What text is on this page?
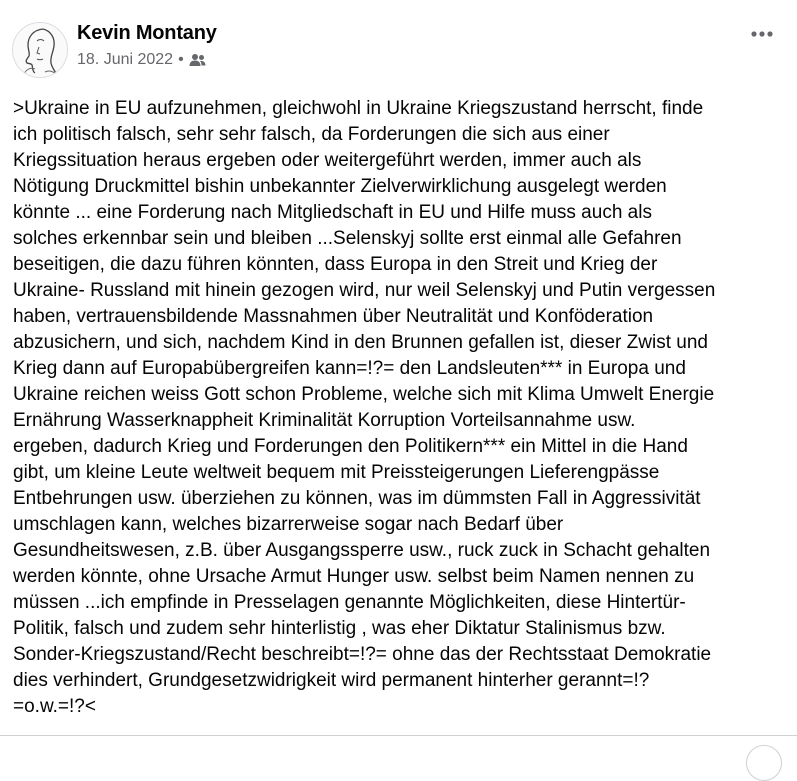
Kevin Montany
18. Juni 2022 •
>Ukraine in EU aufzunehmen, gleichwohl in Ukraine Kriegszustand herrscht, finde
ich politisch falsch, sehr sehr falsch, da Forderungen die sich aus einer
Kriegssituation heraus ergeben oder weitergeführt werden, immer auch als
Nötigung Druckmittel bishin unbekannter Zielverwirklichung ausgelegt werden
könnte ... eine Forderung nach Mitgliedschaft in EU und Hilfe muss auch als
solches erkennbar sein und bleiben ...Selenskyj sollte erst einmal alle Gefahren
beseitigen, die dazu führen könnten, dass Europa in den Streit und Krieg der
Ukraine- Russland mit hinein gezogen wird, nur weil Selenskyj und Putin vergessen
haben, vertrauensbildende Massnahmen über Neutralität und Konföderation
abzusichern, und sich, nachdem Kind in den Brunnen gefallen ist, dieser Zwist und
Krieg dann auf Europabübergreifen kann=!?= den Landsleuten*** in Europa und
Ukraine reichen weiss Gott schon Probleme, welche sich mit Klima Umwelt Energie
Ernährung Wasserknappheit Kriminalität Korruption Vorteilsannahme usw.
ergeben, dadurch Krieg und Forderungen den Politikern*** ein Mittel in die Hand
gibt, um kleine Leute weltweit bequem mit Preissteigerungen Lieferengpässe
Entbehrungen usw. überziehen zu können, was im dümmsten Fall in Aggressivität
umschlagen kann, welches bizarrerweise sogar nach Bedarf über
Gesundheitswesen, z.B. über Ausgangssperre usw., ruck zuck in Schacht gehalten
werden könnte, ohne Ursache Armut Hunger usw. selbst beim Namen nennen zu
müssen ...ich empfinde in Presselagen genannte Möglichkeiten, diese Hintertür-
Politik, falsch und zudem sehr hinterlistig , was eher Diktatur Stalinismus bzw.
Sonder-Kriegszustand/Recht beschreibt=!?= ohne das der Rechtsstaat Demokratie
dies verhindert, Grundgesetzwidrigkeit wird permanent hinterher gerannt=!?
=o.w.=!?<
